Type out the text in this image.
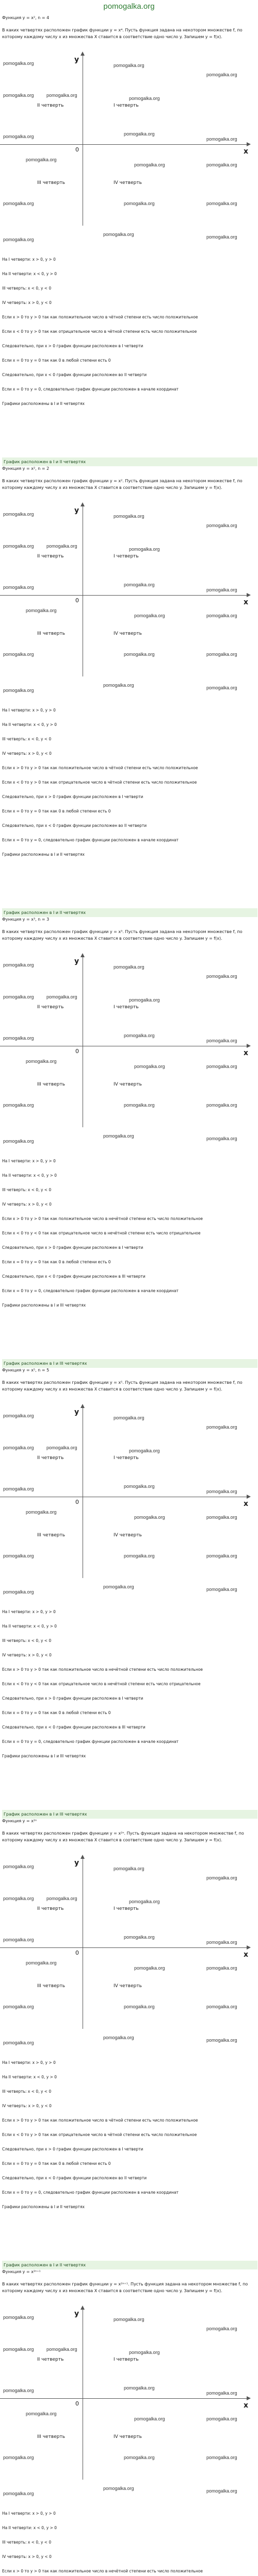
pomogalka.org
Функция y = x², n = 4

В каких четвертях расположен график функции y = x⁴. Пусть функция задана на некотором множестве f, по которому каждому числу x из множества X ставится в соответствие одно число y. Запишем y = f(x).

x
y
0
I четверть
II четверть
III четверть	IV четверть
pomogalka.org	pomogalka.org
pomogalka.org
pomogalka.org	pomogalka.org
pomogalka.org
pomogalka.org	pomogalka.org
pomogalka.org
pomogalka.org
pomogalka.org	pomogalka.org
pomogalka.org	pomogalka.org	pomogalka.org
pomogalka.org
pomogalka.org	pomogalka.org
На I четверти: x > 0, y > 0
На II четверти: x < 0, y > 0
III четверть: x < 0, y < 0
IV четверть: x > 0, y < 0
Если x > 0 то y > 0 так как положительное число в чётной степени есть число положительное
Если x < 0 то y > 0 так как отрицательное число в чётной степени есть число положительное
Следовательно, при x > 0 график функции расположен в I четверти
Если x = 0 то y = 0 так как 0 в любой степени есть 0
Следовательно, при x < 0 график функции расположен во II четверти
Если x = 0 то y = 0, следовательно график функции расположен в начале координат
Графики расположены в I и II четвертях
График расположен в I и II четвертях
Функция y = x², n = 2

В каких четвертях расположен график функции y = x². Пусть функция задана на некотором множестве f, по которому каждому числу x из множества X ставится в соответствие одно число y. Запишем y = f(x).

x
y
0
I четверть
II четверть
III четверть	IV четверть
pomogalka.org	pomogalka.org
pomogalka.org
pomogalka.org	pomogalka.org
pomogalka.org
pomogalka.org	pomogalka.org
pomogalka.org
pomogalka.org
pomogalka.org	pomogalka.org
pomogalka.org	pomogalka.org	pomogalka.org
pomogalka.org
pomogalka.org	pomogalka.org
На I четверти: x > 0, y > 0
На II четверти: x < 0, y > 0
III четверть: x < 0, y < 0
IV четверть: x > 0, y < 0
Если x > 0 то y > 0 так как положительное число в чётной степени есть число положительное
Если x < 0 то y > 0 так как отрицательное число в чётной степени есть число положительное
Следовательно, при x > 0 график функции расположен в I четверти
Если x = 0 то y = 0 так как 0 в любой степени есть 0
Следовательно, при x < 0 график функции расположен во II четверти
Если x = 0 то y = 0, следовательно график функции расположен в начале координат
Графики расположены в I и II четвертях
График расположен в I и II четвертях
Функция y = x³, n = 3

В каких четвертях расположен график функции y = x³. Пусть функция задана на некотором множестве f, по которому каждому числу x из множества X ставится в соответствие одно число y. Запишем y = f(x).

x
y
0
I четверть
II четверть
III четверть	IV четверть
pomogalka.org	pomogalka.org
pomogalka.org
pomogalka.org	pomogalka.org
pomogalka.org
pomogalka.org	pomogalka.org
pomogalka.org
pomogalka.org
pomogalka.org	pomogalka.org
pomogalka.org	pomogalka.org	pomogalka.org
pomogalka.org
pomogalka.org	pomogalka.org
На I четверти: x > 0, y > 0
На II четверти: x < 0, y > 0
III четверть: x < 0, y < 0
IV четверть: x > 0, y < 0
Если x > 0 то y > 0 так как положительное число в нечётной степени есть число положительное
Если x < 0 то y < 0 так как отрицательное число в нечётной степени есть число отрицательное
Следовательно, при x > 0 график функции расположен в I четверти
Если x = 0 то y = 0 так как 0 в любой степени есть 0
Следовательно, при x < 0 график функции расположен в III четверти
Если x = 0 то y = 0, следовательно график функции расположен в начале координат
Графики расположены в I и III четвертях
График расположен в I и III четвертях
Функция y = x⁵, n = 5

В каких четвертях расположен график функции y = x⁵. Пусть функция задана на некотором множестве f, по которому каждому числу x из множества X ставится в соответствие одно число y. Запишем y = f(x).

x
y
0
I четверть
II четверть
III четверть	IV четверть
pomogalka.org	pomogalka.org
pomogalka.org
pomogalka.org	pomogalka.org
pomogalka.org
pomogalka.org	pomogalka.org
pomogalka.org
pomogalka.org
pomogalka.org	pomogalka.org
pomogalka.org	pomogalka.org	pomogalka.org
pomogalka.org
pomogalka.org	pomogalka.org
На I четверти: x > 0, y > 0
На II четверти: x < 0, y > 0
III четверть: x < 0, y < 0
IV четверть: x > 0, y < 0
Если x > 0 то y > 0 так как положительное число в нечётной степени есть число положительное
Если x < 0 то y < 0 так как отрицательное число в нечётной степени есть число отрицательное
Следовательно, при x > 0 график функции расположен в I четверти
Если x = 0 то y = 0 так как 0 в любой степени есть 0
Следовательно, при x < 0 график функции расположен в III четверти
Если x = 0 то y = 0, следовательно график функции расположен в начале координат
Графики расположены в I и III четвертях
График расположен в I и III четвертях
Функция y = x²ⁿ

В каких четвертях расположен график функции y = x²ⁿ. Пусть функция задана на некотором множестве f, по которому каждому числу x из множества X ставится в соответствие одно число y. Запишем y = f(x).

x
y
0
I четверть
II четверть
III четверть	IV четверть
pomogalka.org	pomogalka.org
pomogalka.org
pomogalka.org	pomogalka.org
pomogalka.org
pomogalka.org	pomogalka.org
pomogalka.org
pomogalka.org
pomogalka.org	pomogalka.org
pomogalka.org	pomogalka.org	pomogalka.org
pomogalka.org
pomogalka.org	pomogalka.org
На I четверти: x > 0, y > 0
На II четверти: x < 0, y > 0
III четверть: x < 0, y < 0
IV четверть: x > 0, y < 0
Если x > 0 то y > 0 так как положительное число в чётной степени есть число положительное
Если x < 0 то y > 0 так как отрицательное число в чётной степени есть число положительное
Следовательно, при x > 0 график функции расположен в I четверти
Если x = 0 то y = 0 так как 0 в любой степени есть 0
Следовательно, при x < 0 график функции расположен во II четверти
Если x = 0 то y = 0, следовательно график функции расположен в начале координат
Графики расположены в I и II четвертях
График расположен в I и II четвертях
Функция y = x²ⁿ⁺¹

В каких четвертях расположен график функции y = x²ⁿ⁺¹. Пусть функция задана на некотором множестве f, по которому каждому числу x из множества X ставится в соответствие одно число y. Запишем y = f(x).

x
y
0
I четверть
II четверть
III четверть	IV четверть
pomogalka.org	pomogalka.org
pomogalka.org
pomogalka.org	pomogalka.org
pomogalka.org
pomogalka.org	pomogalka.org
pomogalka.org
pomogalka.org
pomogalka.org	pomogalka.org
pomogalka.org	pomogalka.org	pomogalka.org
pomogalka.org
pomogalka.org	pomogalka.org
На I четверти: x > 0, y > 0
На II четверти: x < 0, y > 0
III четверть: x < 0, y < 0
IV четверть: x > 0, y < 0
Если x > 0 то y > 0 так как положительное число в нечётной степени есть число положительное
